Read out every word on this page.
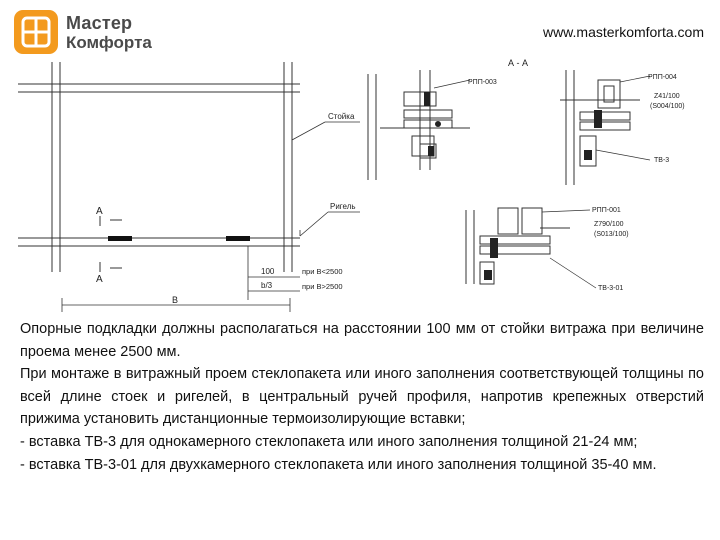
Мастер
Комфорта
www.masterkomforta.com
А
А
100
b/3
при В<2500
при В>2500
В
Стойка
Ригель
А - А
РПП-003
РПП-004
Z41/100
(S004/100)
ТВ-3
РПП-001
Z790/100
(S013/100)
ТВ-3-01

Опорные подкладки должны располагаться на расстоянии 100 мм от стойки витража при величине проема менее 2500 мм.

При монтаже в витражный проем стеклопакета или иного заполнения соответствующей толщины по всей длине стоек и ригелей, в центральный ручей профиля, напротив крепежных отверстий прижима установить дистанционные термоизолирующие вставки;

- вставка ТВ-3 для однокамерного стеклопакета или иного заполнения толщиной 21-24 мм;

- вставка ТВ-3-01 для двухкамерного стеклопакета или иного заполнения толщиной 35-40 мм.
